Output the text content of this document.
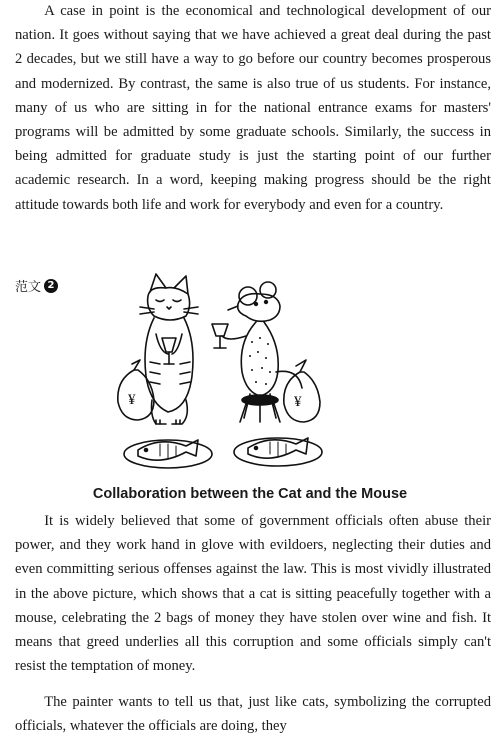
A case in point is the economical and technological development of our nation. It goes without saying that we have achieved a great deal during the past 2 decades, but we still have a way to go before our country becomes prosperous and modernized. By contrast, the same is also true of us students. For instance, many of us who are sitting in for the national entrance exams for masters' programs will be admitted by some graduate schools. Similarly, the success in being admitted for graduate study is just the starting point of our further academic research. In a word, keeping making progress should be the right attitude towards both life and work for everybody and even for a country.

范文 2
¥	¥
Collaboration between the Cat and the Mouse

It is widely believed that some of government officials often abuse their power, and they work hand in glove with evildoers, neglecting their duties and even committing serious offenses against the law. This is most vividly illustrated in the above picture, which shows that a cat is sitting peacefully together with a mouse, celebrating the 2 bags of money they have stolen over wine and fish. It means that greed underlies all this corruption and some officials simply can't resist the temptation of money.

The painter wants to tell us that, just like cats, symbolizing the corrupted officials, whatever the officials are doing, they
